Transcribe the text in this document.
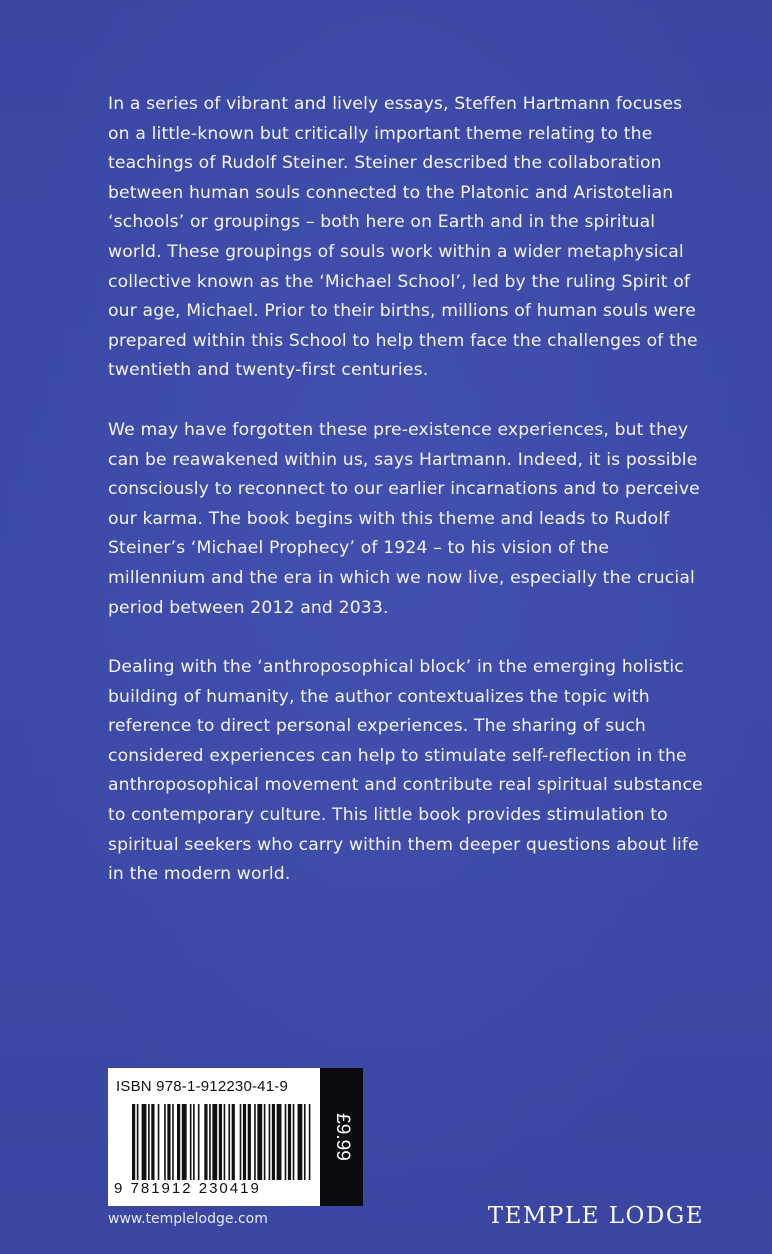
In a series of vibrant and lively essays, Steffen Hartmann focuses on a little-known but critically important theme relating to the teachings of Rudolf Steiner. Steiner described the collaboration between human souls connected to the Platonic and Aristotelian ‘schools’ or groupings – both here on Earth and in the spiritual world. These groupings of souls work within a wider metaphysical collective known as the ‘Michael School’, led by the ruling Spirit of our age, Michael. Prior to their births, millions of human souls were prepared within this School to help them face the challenges of the twentieth and twenty-first centuries.

We may have forgotten these pre-existence experiences, but they can be reawakened within us, says Hartmann. Indeed, it is possible consciously to reconnect to our earlier incarnations and to perceive our karma. The book begins with this theme and leads to Rudolf Steiner’s ‘Michael Prophecy’ of 1924 – to his vision of the millennium and the era in which we now live, especially the crucial period between 2012 and 2033.

Dealing with the ‘anthroposophical block’ in the emerging holistic building of humanity, the author contextualizes the topic with reference to direct personal experiences. The sharing of such considered experiences can help to stimulate self-reflection in the anthroposophical movement and contribute real spiritual substance to contemporary culture. This little book provides stimulation to spiritual seekers who carry within them deeper questions about life in the modern world.

ISBN 978-1-912230-41-9
9 781912 230419
£9.99
www.templelodge.com	TEMPLE LODGE
